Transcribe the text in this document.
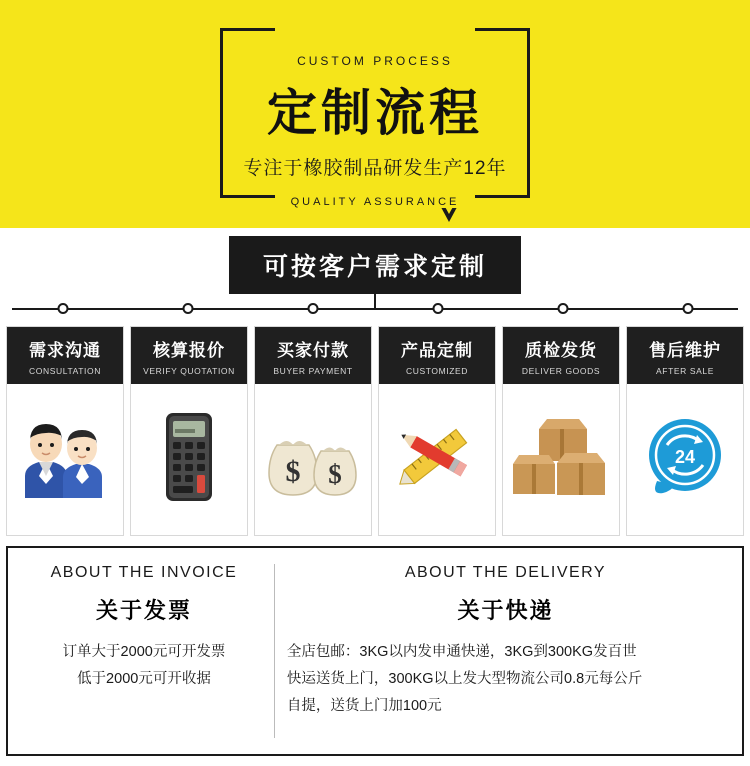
CUSTOM PROCESS
定制流程
专注于橡胶制品研发生产12年
QUALITY ASSURANCE
可按客户需求定制
需求沟通
CONSULTATION
核算报价
VERIFY QUOTATION
买家付款
BUYER PAYMENT
$ $
产品定制
CUSTOMIZED
质检发货
DELIVER GOODS
售后维护
AFTER SALE
24
ABOUT THE INVOICE
关于发票
订单大于2000元可开发票
低于2000元可开收据
ABOUT THE DELIVERY
关于快递
全店包邮：3KG以内发申通快递，3KG到300KG发百世
快运送货上门，300KG以上发大型物流公司0.8元每公斤
自提，送货上门加100元
